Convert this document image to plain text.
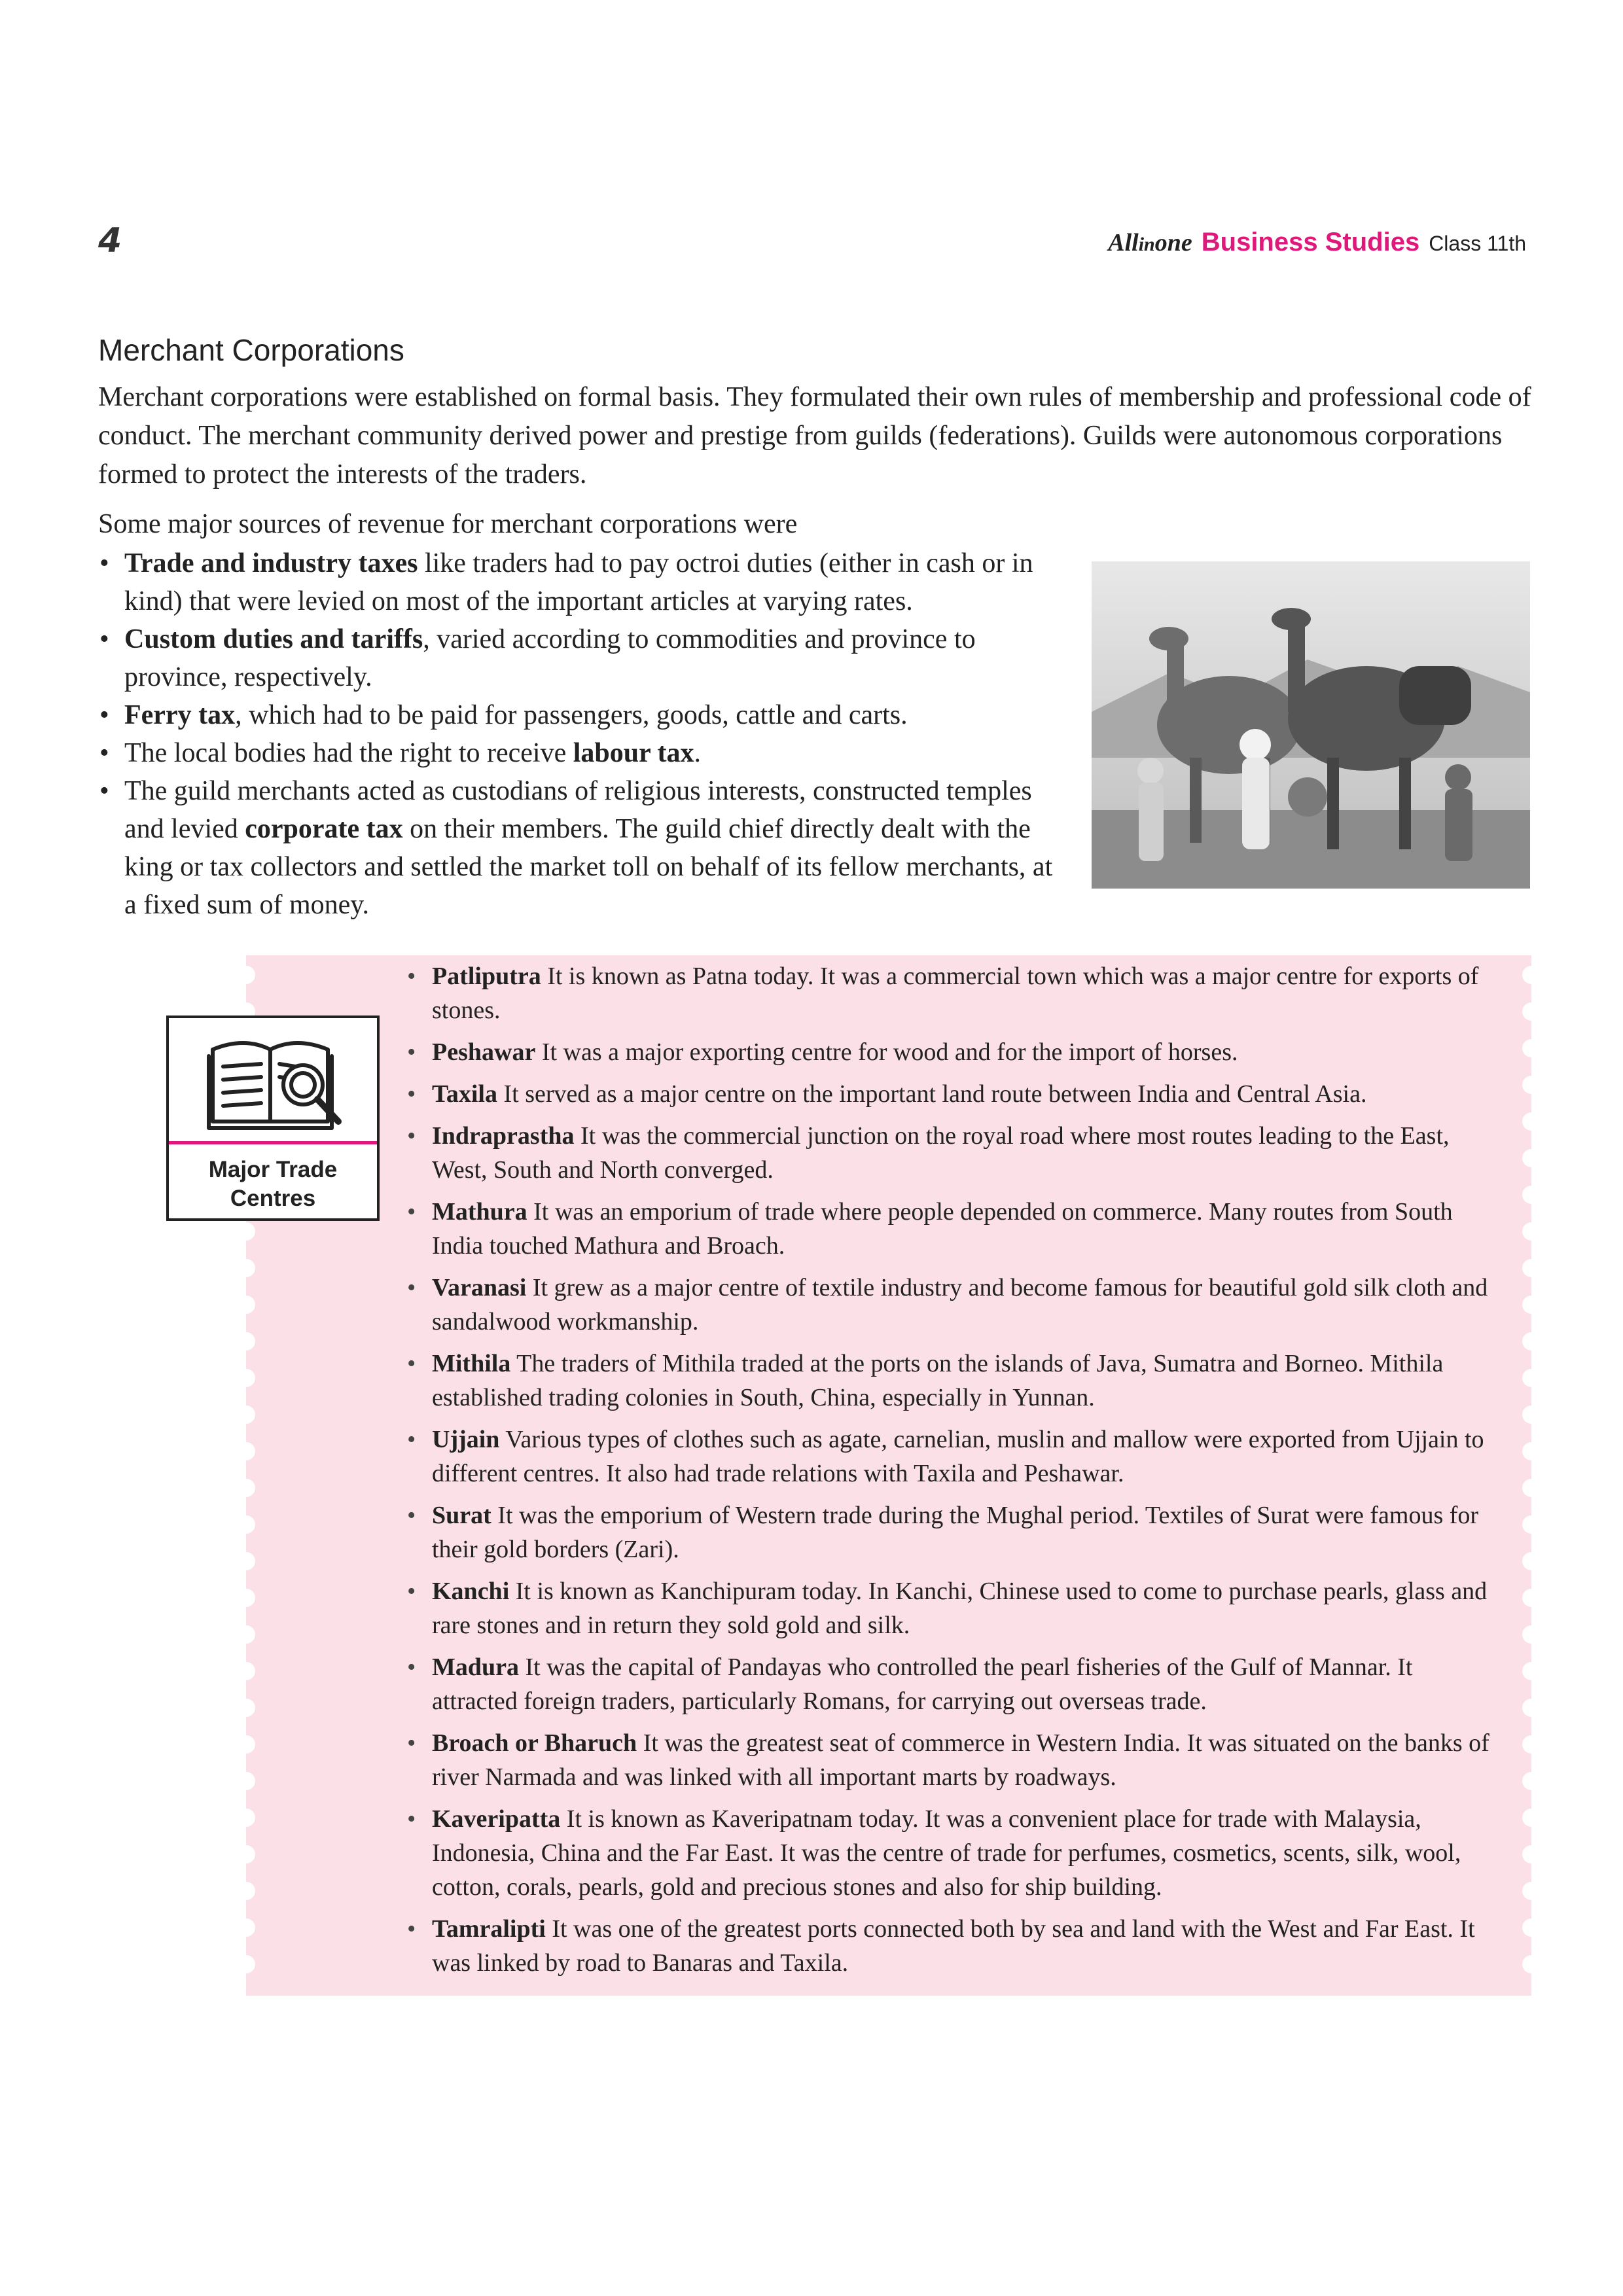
4	Allinone Business Studies Class 11th
Merchant Corporations

Merchant corporations were established on formal basis. They formulated their own rules of membership and professional code of conduct. The merchant community derived power and prestige from guilds (federations). Guilds were autonomous corporations formed to protect the interests of the traders.

Some major sources of revenue for merchant corporations were

• Trade and industry taxes like traders had to pay octroi duties (either in cash or in kind) that were levied on most of the important articles at varying rates.
• Custom duties and tariffs, varied according to commodities and province to province, respectively.
• Ferry tax, which had to be paid for passengers, goods, cattle and carts.
• The local bodies had the right to receive labour tax.
• The guild merchants acted as custodians of religious interests, constructed temples and levied corporate tax on their members. The guild chief directly dealt with the king or tax collectors and settled the market toll on behalf of its fellow merchants, at a fixed sum of money.
Major Trade
Centres
• Patliputra It is known as Patna today. It was a commercial town which was a major centre for exports of stones.
• Peshawar It was a major exporting centre for wood and for the import of horses.
• Taxila It served as a major centre on the important land route between India and Central Asia.
• Indraprastha It was the commercial junction on the royal road where most routes leading to the East, West, South and North converged.
• Mathura It was an emporium of trade where people depended on commerce. Many routes from South India touched Mathura and Broach.
• Varanasi It grew as a major centre of textile industry and become famous for beautiful gold silk cloth and sandalwood workmanship.
• Mithila The traders of Mithila traded at the ports on the islands of Java, Sumatra and Borneo. Mithila established trading colonies in South, China, especially in Yunnan.
• Ujjain Various types of clothes such as agate, carnelian, muslin and mallow were exported from Ujjain to different centres. It also had trade relations with Taxila and Peshawar.
• Surat It was the emporium of Western trade during the Mughal period. Textiles of Surat were famous for their gold borders (Zari).
• Kanchi It is known as Kanchipuram today. In Kanchi, Chinese used to come to purchase pearls, glass and rare stones and in return they sold gold and silk.
• Madura It was the capital of Pandayas who controlled the pearl fisheries of the Gulf of Mannar. It attracted foreign traders, particularly Romans, for carrying out overseas trade.
• Broach or Bharuch It was the greatest seat of commerce in Western India. It was situated on the banks of river Narmada and was linked with all important marts by roadways.
• Kaveripatta It is known as Kaveripatnam today. It was a convenient place for trade with Malaysia, Indonesia, China and the Far East. It was the centre of trade for perfumes, cosmetics, scents, silk, wool, cotton, corals, pearls, gold and precious stones and also for ship building.
• Tamralipti It was one of the greatest ports connected both by sea and land with the West and Far East. It was linked by road to Banaras and Taxila.
